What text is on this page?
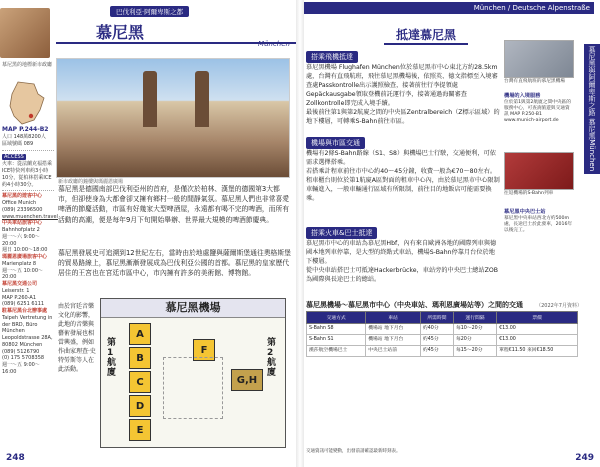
慕尼黑的地標新市政廳
MAP P.244-B2
人口 148萬8200人
區域號碼 089
ACCESS
火車：從法蘭克福搭乘ICE特快列車約3小時10分，從柏林搭乘ICE約4小時30分。
慕尼黑的遊客中心
Office Munich
(089) 23396500
www.muenchen.travel
中央車站旅客中心
Bahnhofplatz 2
週一～六 9:00～20:00
週日 10:00～18:00
瑪麗恩廣場旅客中心
Marienplatz 8
週一～五 10:00～20:00
慕尼黑交通公司
Leiserstr. 1
MAP P.260-A1
(089) 6251 6111
駐慕尼黑台北辦事處
Taipeh Vertretung in der BRD, Büro München
Leopoldstrasse 28A, 80802 München
(089) 5126790
(0) 175 5708358
週一～五 9:00～16:00
巴伐利亞·阿爾卑斯之都
慕尼黑
München
新市政廳的鐘樓與瑪麗恩廣場
慕尼黑是德國南部巴伐利亞州的首府，是僅次於柏林、漢堡的德國第3大都市，但卻使身為大都會卻又擁有鄉村一般的閒靜氣氛。慕尼黑人們也非常喜愛啤酒的節慶活動，市區有好幾家大型啤酒屋，永遠都有喝不完的啤酒，而所有活動的高潮，便是每年9月下旬開始舉辦、世界最大規模的啤酒節慶典。
慕尼黑發展史可追溯到12世紀左右，當時由於地處鹽與薩爾斯堡通往奧格斯堡的貿易路線上，慕尼黑漸漸發展成為巴伐利亞公國的首都。慕尼黑的皇家歷代居住的王宮也在宮廷市區中心，市內擁有許多的美術館、博物館。
由於宮廷音樂文化的影響，此地的音樂與藝術發展也相當興盛，例如作曲家理查·史特勞斯等人在此活動。
慕尼黑機場
第1航廈
第2航廈
A
B
C
D
E
F
G,H
248
München / Deutsche Alpenstraße
抵達慕尼黑
慕尼黑與阿爾卑斯之路 慕尼黑München
搭乘飛機抵達
慕尼黑機場 Flughafen München位於慕尼黑市中心東北方約28.5km處，台灣有直飛航班，飛往慕尼黑機場後，依照英、德文指標至入境審查處Passkontrolle出示護照檢查，接著前往行李提領處Gepäckausgabe領取登機前託運行李，接著通過海關審查Zollkontrolle即完成入境手續。
最後前往第1與第2航廈之間的中央區Zentralbereich（Z標示區域）的地下樓層，可轉乘S-Bahn前往市區。
機場與市區交通
機場有2條S-Bahn路線（S1、S8）與機場巴士行駛，交通便利，可依需求選擇搭乘。
若搭乘計程車前往市中心約40～45分鐘，收費一般為€70～80左右。
租車櫃台則位於第1航廈A區對面的租車中心內，由於慕尼黑市中心限制車輛進入，一般車輛通行區域有所限制，前往目的地飯店可能需要換乘。
搭乘火車&巴士抵達
慕尼黑市中心的車站為慕尼黑Hbf，內有來自歐洲各地的國際列車與德國本地列車停靠，是大型的終點式車站，機場S-Bahn停靠月台位於地下樓層。
從中央車站搭巴士可抵達Hackerbrücke，車站旁的中央巴士總站ZOB為國際與長途巴士的總站。
台灣有直飛航班的慕尼黑機場
機場的入境服務
位於第1與第2航廈之間中央區的服務中心，可查詢旅遊與交通資訊 MAP P.250-B1 www.munich-airport.de
往返機場的S-Bahn列車
慕尼黑中央巴士站
慕尼黑中央車站西北方約500m處，長途巴士於此發車，2016年以後完工。
慕尼黑機場～慕尼黑市中心（中央車站、瑪利恩廣場站等）之間的交通	（2022年7月資料）
交通方式	車站	所需時間	運行間隔	票價
S-Bahn S8	機場站 地下月台	約40分	每10～20分	€13.00
S-Bahn S1	機場站 地下月台	約45分	每20分	€13.00
漢莎航空機場巴士	中央巴士站前	約45分	每15～20分	單程€11.50 來回€18.50
交通資訊可能變動，出發前請確認最新時刻表。
249
